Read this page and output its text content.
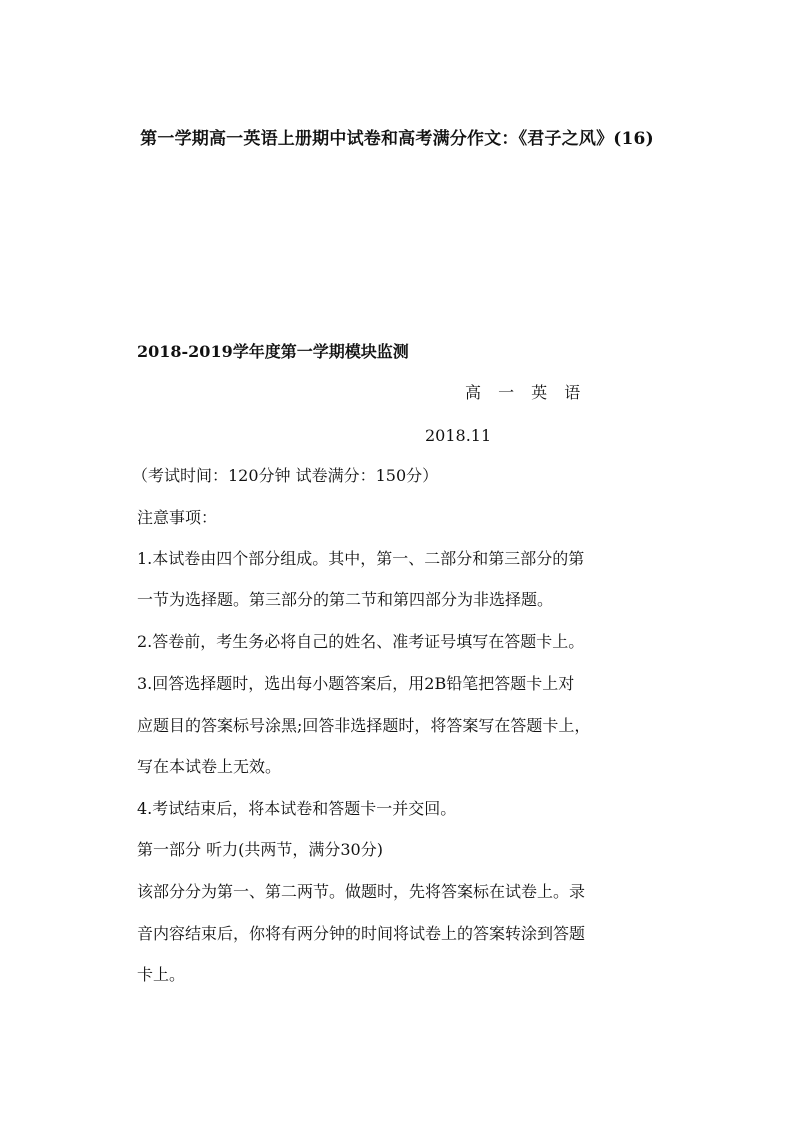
第一学期高一英语上册期中试卷和高考满分作文：《君子之风》(16)
2018-2019学年度第一学期模块监测
高 一 英 语
2018.11
（考试时间：120分钟 试卷满分：150分）
注意事项：
1.本试卷由四个部分组成。其中，第一、二部分和第三部分的第
一节为选择题。第三部分的第二节和第四部分为非选择题。
2.答卷前，考生务必将自己的姓名、准考证号填写在答题卡上。
3.回答选择题时，选出每小题答案后，用2B铅笔把答题卡上对
应题目的答案标号涂黑;回答非选择题时，将答案写在答题卡上，
写在本试卷上无效。
4.考试结束后，将本试卷和答题卡一并交回。
第一部分 听力(共两节，满分30分)
该部分分为第一、第二两节。做题时，先将答案标在试卷上。录
音内容结束后，你将有两分钟的时间将试卷上的答案转涂到答题
卡上。
